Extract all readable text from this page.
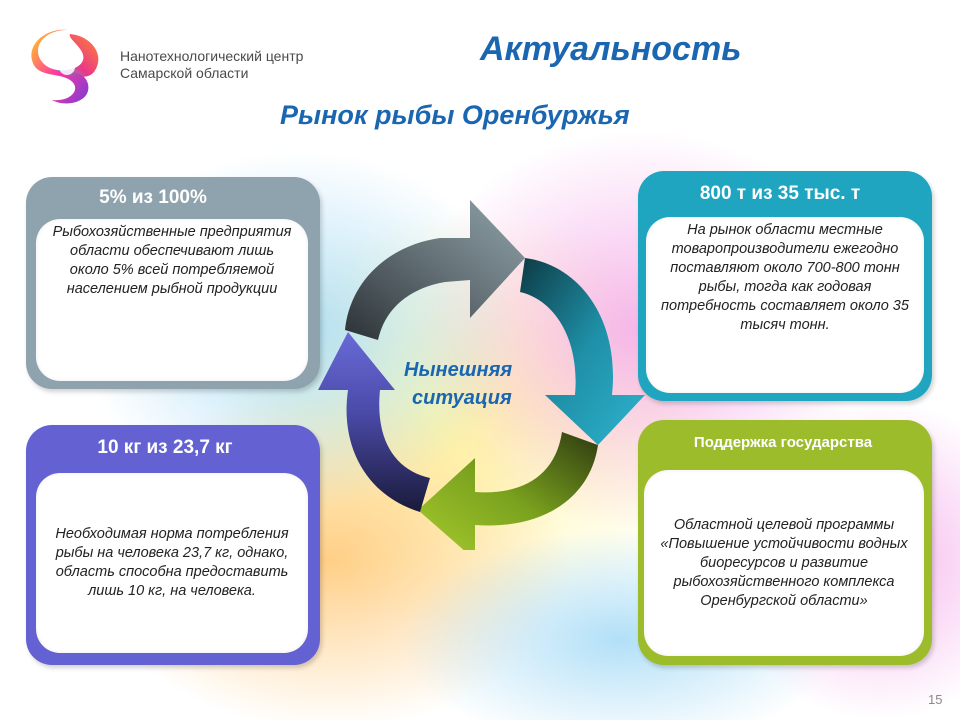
Нанотехнологический центр
Самарской области
Актуальность
Рынок рыбы Оренбуржья
Нынешняя
ситуация
5% из 100%
Рыбохозяйственные предприятия области обеспечивают лишь около 5% всей потребляемой населением рыбной продукции
800 т из 35 тыс. т
На рынок области местные товаропроизводители ежегодно поставляют около 700-800 тонн рыбы, тогда как годовая потребность составляет около 35 тысяч тонн.
10 кг из 23,7 кг
Необходимая норма потребления рыбы на человека 23,7 кг, однако, область способна предоставить лишь 10 кг, на человека.
Поддержка государства
Областной целевой программы «Повышение устойчивости водных биоресурсов и развитие рыбохозяйственного комплекса Оренбургской области»
15
